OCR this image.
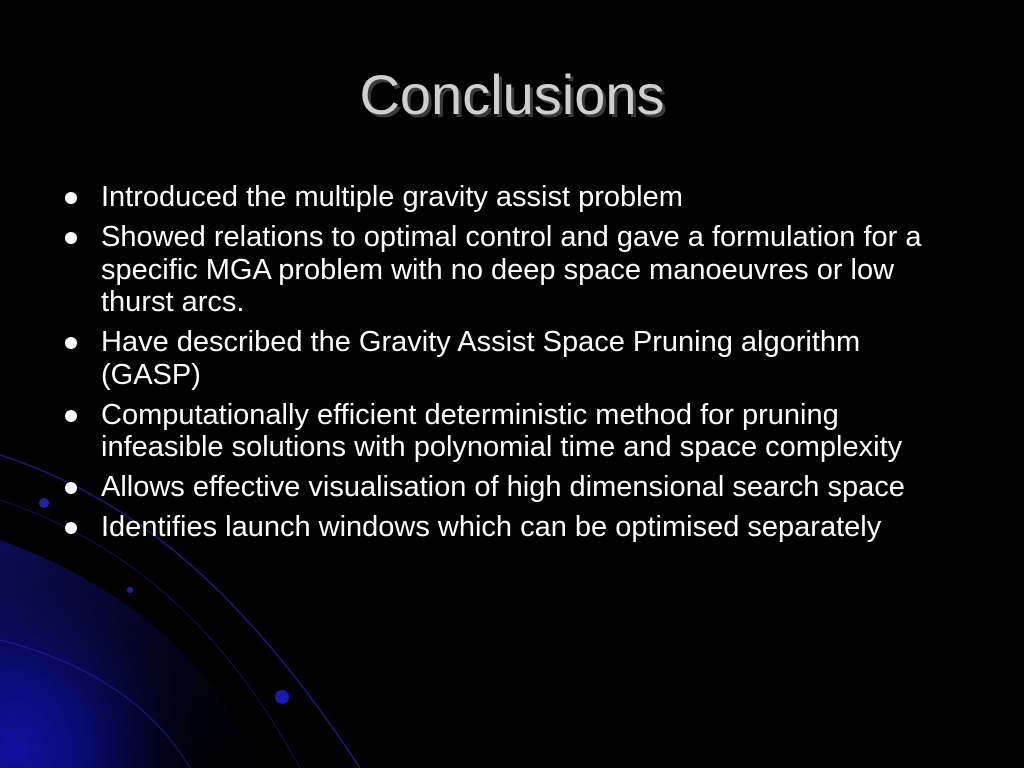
Conclusions
Introduced the multiple gravity assist problem
Showed relations to optimal control and gave a formulation for a specific MGA problem with no deep space manoeuvres or low thurst arcs.
Have described the Gravity Assist Space Pruning algorithm (GASP)
Computationally efficient deterministic method for pruning infeasible solutions with polynomial time and space complexity
Allows effective visualisation of high dimensional search space
Identifies launch windows which can be optimised separately
